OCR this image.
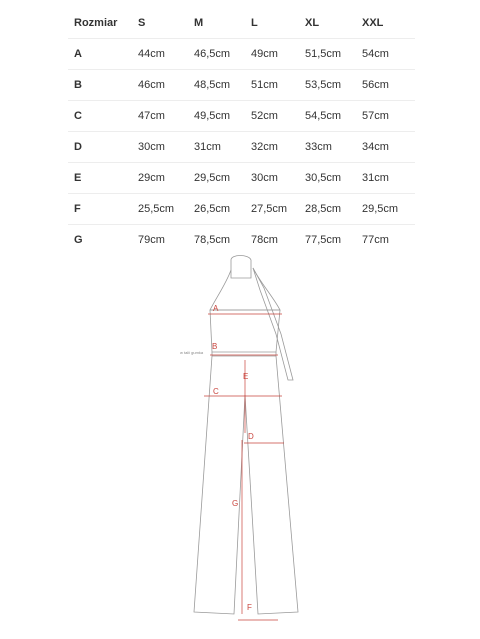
Rozmiar	S	M	L	XL	XXL
A	44cm	46,5cm	49cm	51,5cm	54cm
B	46cm	48,5cm	51cm	53,5cm	56cm
C	47cm	49,5cm	52cm	54,5cm	57cm
D	30cm	31cm	32cm	33cm	34cm
E	29cm	29,5cm	30cm	30,5cm	31cm
F	25,5cm	26,5cm	27,5cm	28,5cm	29,5cm
G	79cm	78,5cm	78cm	77,5cm	77cm
A
B
w talii gumka
C
D
E
F
G
